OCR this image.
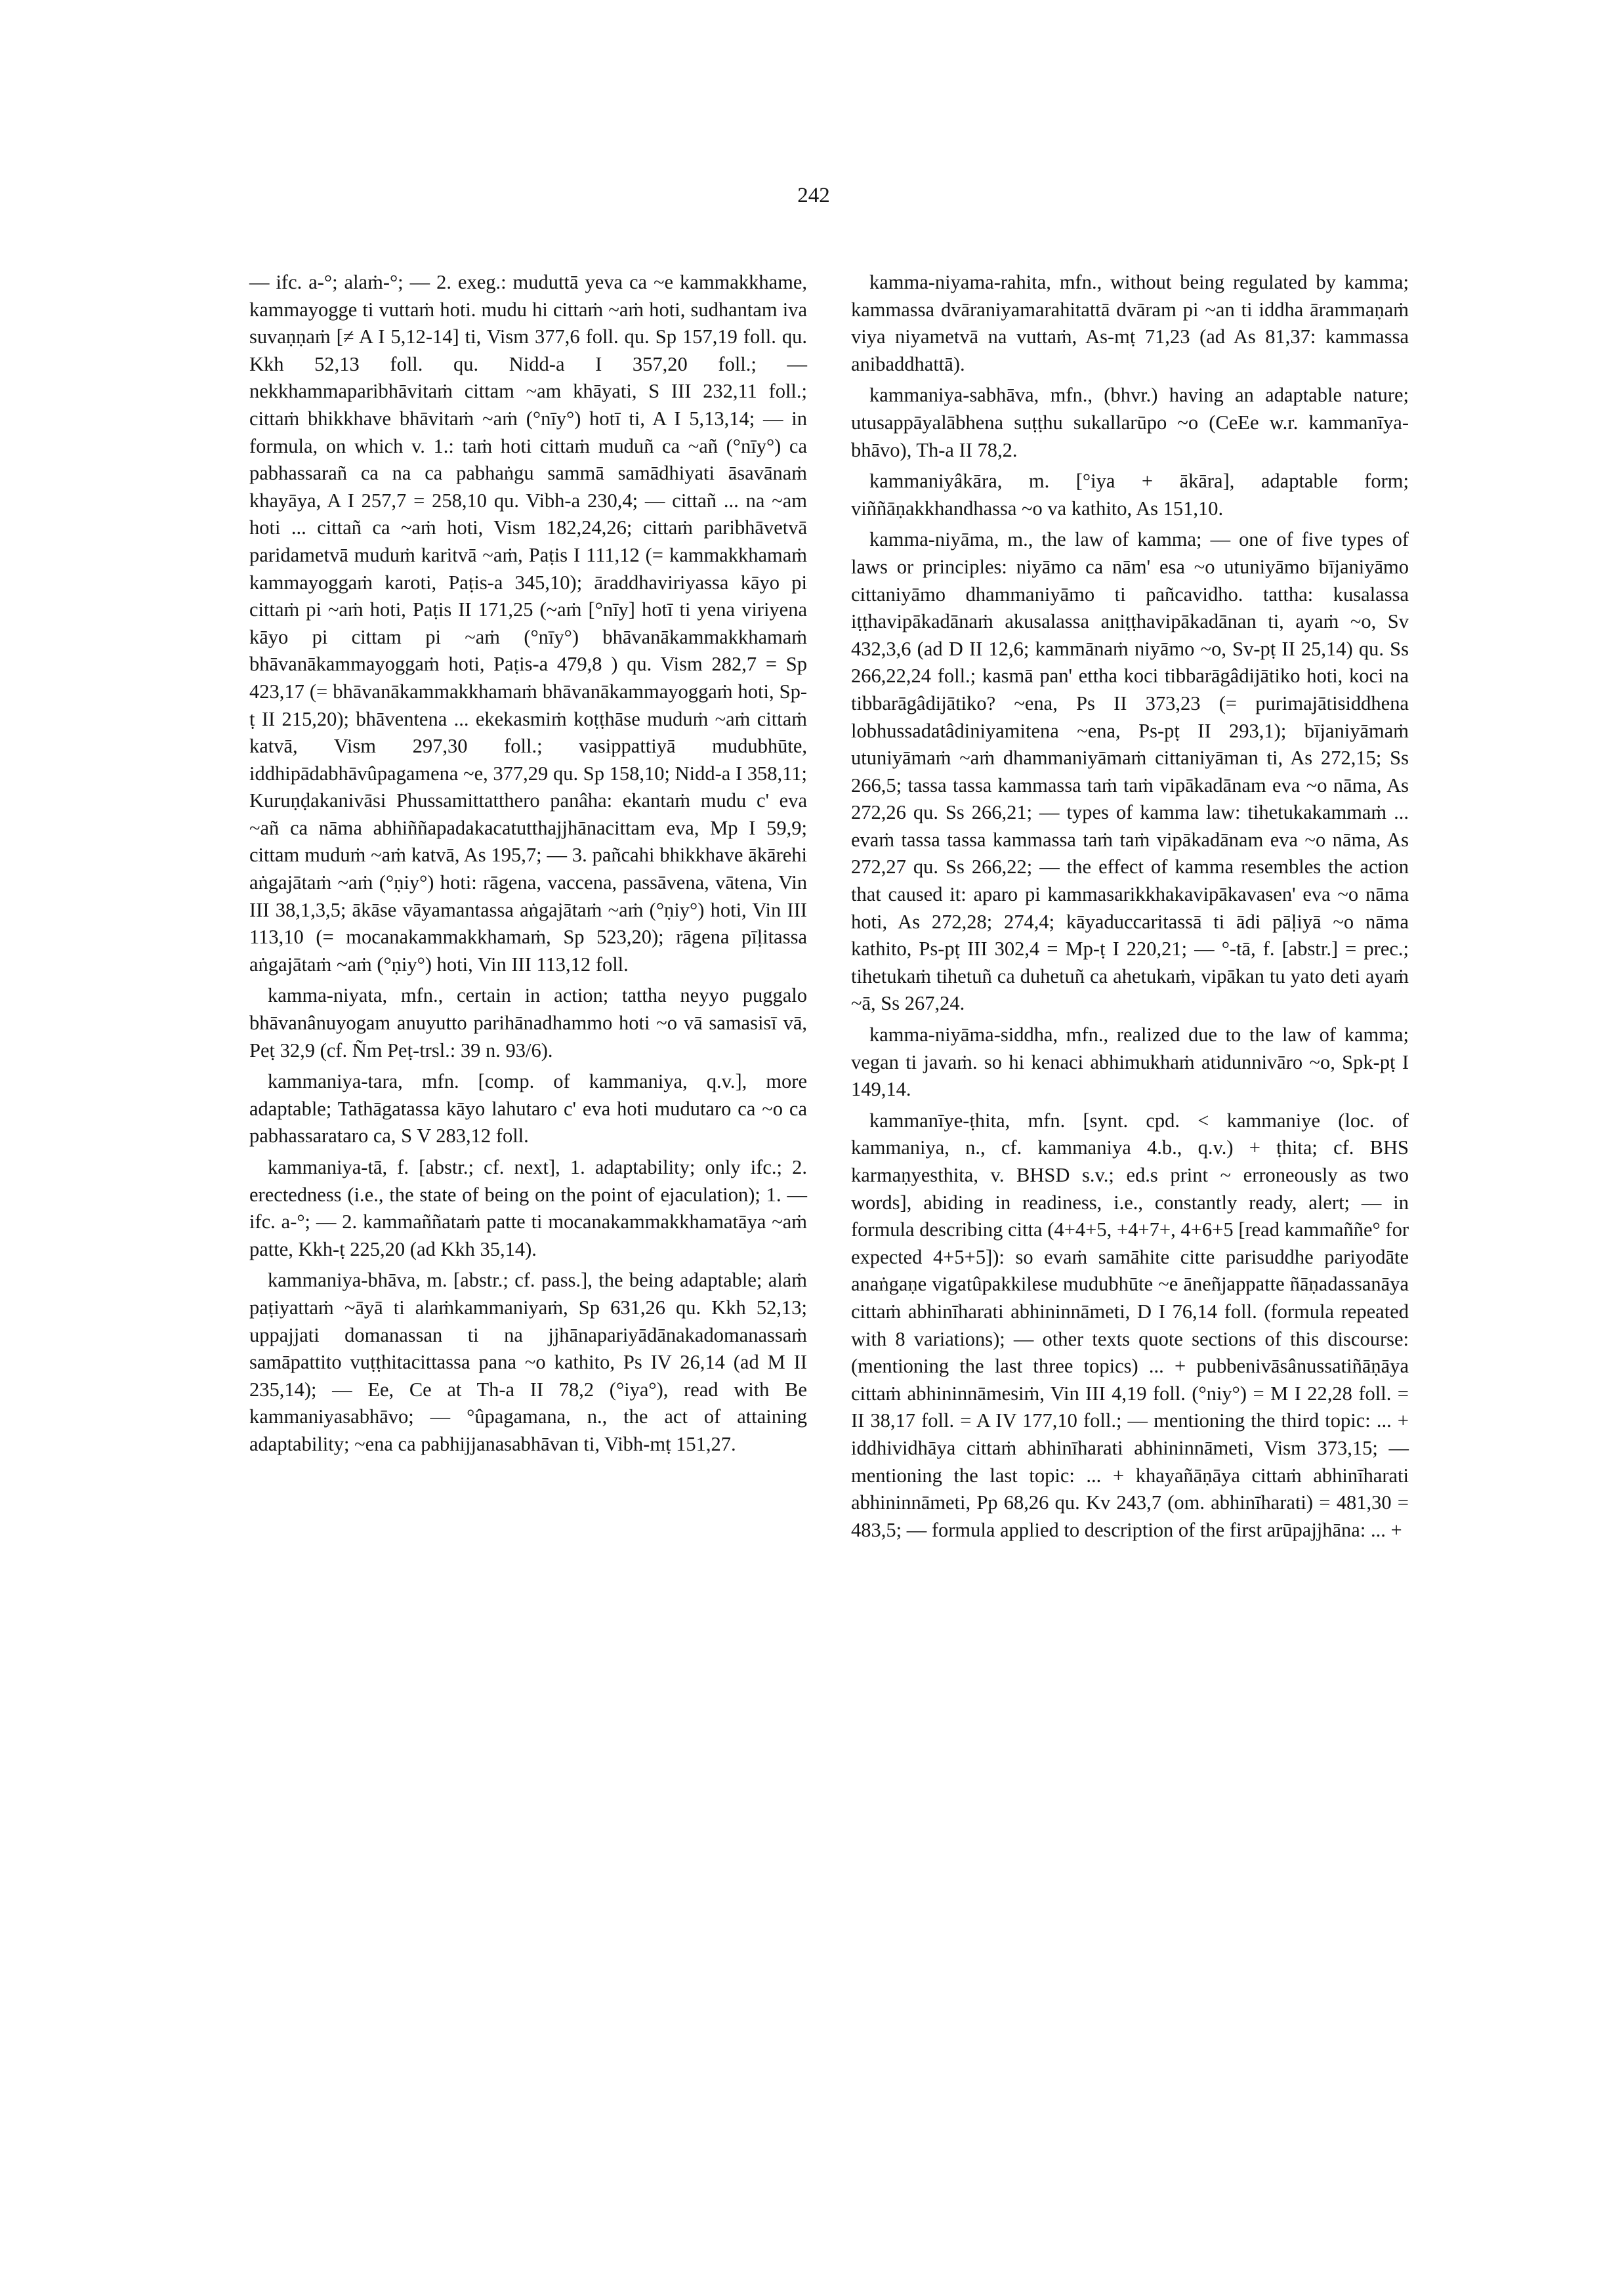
242

— ifc. a-°; alaṁ-°; — 2. exeg.: muduttā yeva ca ~e kammakkhame, kammayogge ti vuttaṁ hoti. mudu hi cittaṁ ~aṁ hoti, sudhantam iva suvaṇṇaṁ [≠ A I 5,12-14] ti, Vism 377,6 foll. qu. Sp 157,19 foll. qu. Kkh 52,13 foll. qu. Nidd-a I 357,20 foll.; — nekkhammaparibhāvitaṁ cittam ~am khāyati, S III 232,11 foll.; cittaṁ bhikkhave bhāvitaṁ ~aṁ (°nīy°) hotī ti, A I 5,13,14; — in formula, on which v. 1.: taṁ hoti cittaṁ muduñ ca ~añ (°nīy°) ca pabhassarañ ca na ca pabhaṅgu sammā samādhiyati āsavānaṁ khayāya, A I 257,7 = 258,10 qu. Vibh-a 230,4; — cittañ ... na ~am hoti ... cittañ ca ~aṁ hoti, Vism 182,24,26; cittaṁ paribhāvetvā paridametvā muduṁ karitvā ~aṁ, Paṭis I 111,12 (= kammakkhamaṁ kammayoggaṁ karoti, Paṭis-a 345,10); āraddhaviriyassa kāyo pi cittaṁ pi ~aṁ hoti, Paṭis II 171,25 (~aṁ [°nīy] hotī ti yena viriyena kāyo pi cittam pi ~aṁ (°nīy°) bhāvanākammakkhamaṁ bhāvanākammayoggaṁ hoti, Paṭis-a 479,8 ) qu. Vism 282,7 = Sp 423,17 (= bhāvanākammakkhamaṁ bhāvanākammayoggaṁ hoti, Sp-ṭ II 215,20); bhāventena ... ekekasmiṁ koṭṭhāse muduṁ ~aṁ cittaṁ katvā, Vism 297,30 foll.; vasippattiyā mudubhūte, iddhipādabhāvûpagamena ~e, 377,29 qu. Sp 158,10; Nidd-a I 358,11; Kuruṇḍakanivāsi Phussamittatthero panâha: ekantaṁ mudu c' eva ~añ ca nāma abhiññapadakacatutthajjhānacittam eva, Mp I 59,9; cittam muduṁ ~aṁ katvā, As 195,7; — 3. pañcahi bhikkhave ākārehi aṅgajātaṁ ~aṁ (°ṇiy°) hoti: rāgena, vaccena, passāvena, vātena, Vin III 38,1,3,5; ākāse vāyamantassa aṅgajātaṁ ~aṁ (°ṇiy°) hoti, Vin III 113,10 (= mocanakammakkhamaṁ, Sp 523,20); rāgena pīḷitassa aṅgajātaṁ ~aṁ (°ṇiy°) hoti, Vin III 113,12 foll.

kamma-niyata, mfn., certain in action; tattha neyyo puggalo bhāvanânuyogam anuyutto parihānadhammo hoti ~o vā samasisī vā, Peṭ 32,9 (cf. Ñm Peṭ-trsl.: 39 n. 93/6).

kammaniya-tara, mfn. [comp. of kammaniya, q.v.], more adaptable; Tathāgatassa kāyo lahutaro c' eva hoti mudutaro ca ~o ca pabhassarataro ca, S V 283,12 foll.

kammaniya-tā, f. [abstr.; cf. next], 1. adaptability; only ifc.; 2. erectedness (i.e., the state of being on the point of ejaculation); 1. — ifc. a-°; — 2. kammaññataṁ patte ti mocanakammakkhamatāya ~aṁ patte, Kkh-ṭ 225,20 (ad Kkh 35,14).

kammaniya-bhāva, m. [abstr.; cf. pass.], the being adaptable; alaṁ paṭiyattaṁ ~āyā ti alaṁkammaniyaṁ, Sp 631,26 qu. Kkh 52,13; uppajjati domanassan ti na jjhānapariyādānakadomanassaṁ samāpattito vuṭṭhitacittassa pana ~o kathito, Ps IV 26,14 (ad M II 235,14); — Ee, Ce at Th-a II 78,2 (°iya°), read with Be kammaniyasabhāvo; — °ûpagamana, n., the act of attaining adaptability; ~ena ca pabhijjanasabhāvan ti, Vibh-mṭ 151,27.

kamma-niyama-rahita, mfn., without being regulated by kamma; kammassa dvāraniyamarahitattā dvāram pi ~an ti iddha ārammaṇaṁ viya niyametvā na vuttaṁ, As-mṭ 71,23 (ad As 81,37: kammassa anibaddhattā).

kammaniya-sabhāva, mfn., (bhvr.) having an adaptable nature; utusappāyalābhena suṭṭhu sukallarūpo ~o (CeEe w.r. kammanīya-bhāvo), Th-a II 78,2.

kammaniyâkāra, m. [°iya + ākāra], adaptable form; viññāṇakkhandhassa ~o va kathito, As 151,10.

kamma-niyāma, m., the law of kamma; — one of five types of laws or principles: niyāmo ca nām' esa ~o utuniyāmo bījaniyāmo cittaniyāmo dhammaniyāmo ti pañcavidho. tattha: kusalassa iṭṭhavipākadānaṁ akusalassa aniṭṭhavipākadānan ti, ayaṁ ~o, Sv 432,3,6 (ad D II 12,6; kammānaṁ niyāmo ~o, Sv-pṭ II 25,14) qu. Ss 266,22,24 foll.; kasmā pan' ettha koci tibbarāgâdijātiko hoti, koci na tibbarāgâdijātiko? ~ena, Ps II 373,23 (= purimajātisiddhena lobhussadatâdiniyamitena ~ena, Ps-pṭ II 293,1); bījaniyāmaṁ utuniyāmaṁ ~aṁ dhammaniyāmaṁ cittaniyāman ti, As 272,15; Ss 266,5; tassa tassa kammassa taṁ taṁ vipākadānam eva ~o nāma, As 272,26 qu. Ss 266,21; — types of kamma law: tihetukakammaṁ ... evaṁ tassa tassa kammassa taṁ taṁ vipākadānam eva ~o nāma, As 272,27 qu. Ss 266,22; — the effect of kamma resembles the action that caused it: aparo pi kammasarikkhakavipākavasen' eva ~o nāma hoti, As 272,28; 274,4; kāyaduccaritassā ti ādi pāḷiyā ~o nāma kathito, Ps-pṭ III 302,4 = Mp-ṭ I 220,21; — °-tā, f. [abstr.] = prec.; tihetukaṁ tihetuñ ca duhetuñ ca ahetukaṁ, vipākan tu yato deti ayaṁ ~ā, Ss 267,24.

kamma-niyāma-siddha, mfn., realized due to the law of kamma; vegan ti javaṁ. so hi kenaci abhimukhaṁ atidunnivāro ~o, Spk-pṭ I 149,14.

kammanīye-ṭhita, mfn. [synt. cpd. < kammaniye (loc. of kammaniya, n., cf. kammaniya 4.b., q.v.) + ṭhita; cf. BHS karmaṇyesthita, v. BHSD s.v.; ed.s print ~ erroneously as two words], abiding in readiness, i.e., constantly ready, alert; — in formula describing citta (4+4+5, +4+7+, 4+6+5 [read kammaññe° for expected 4+5+5]): so evaṁ samāhite citte parisuddhe pariyodāte anaṅgaṇe vigatûpakkilese mudubhūte ~e āneñjappatte ñāṇadassanāya cittaṁ abhinīharati abhininnāmeti, D I 76,14 foll. (formula repeated with 8 variations); — other texts quote sections of this discourse: (mentioning the last three topics) ... + pubbenivāsânussatiñāṇāya cittaṁ abhininnāmesiṁ, Vin III 4,19 foll. (°niy°) = M I 22,28 foll. = II 38,17 foll. = A IV 177,10 foll.; — mentioning the third topic: ... + iddhividhāya cittaṁ abhinīharati abhininnāmeti, Vism 373,15; — mentioning the last topic: ... + khayañāṇāya cittaṁ abhinīharati abhininnāmeti, Pp 68,26 qu. Kv 243,7 (om. abhinīharati) = 481,30 = 483,5; — formula applied to description of the first arūpajjhāna: ... +
